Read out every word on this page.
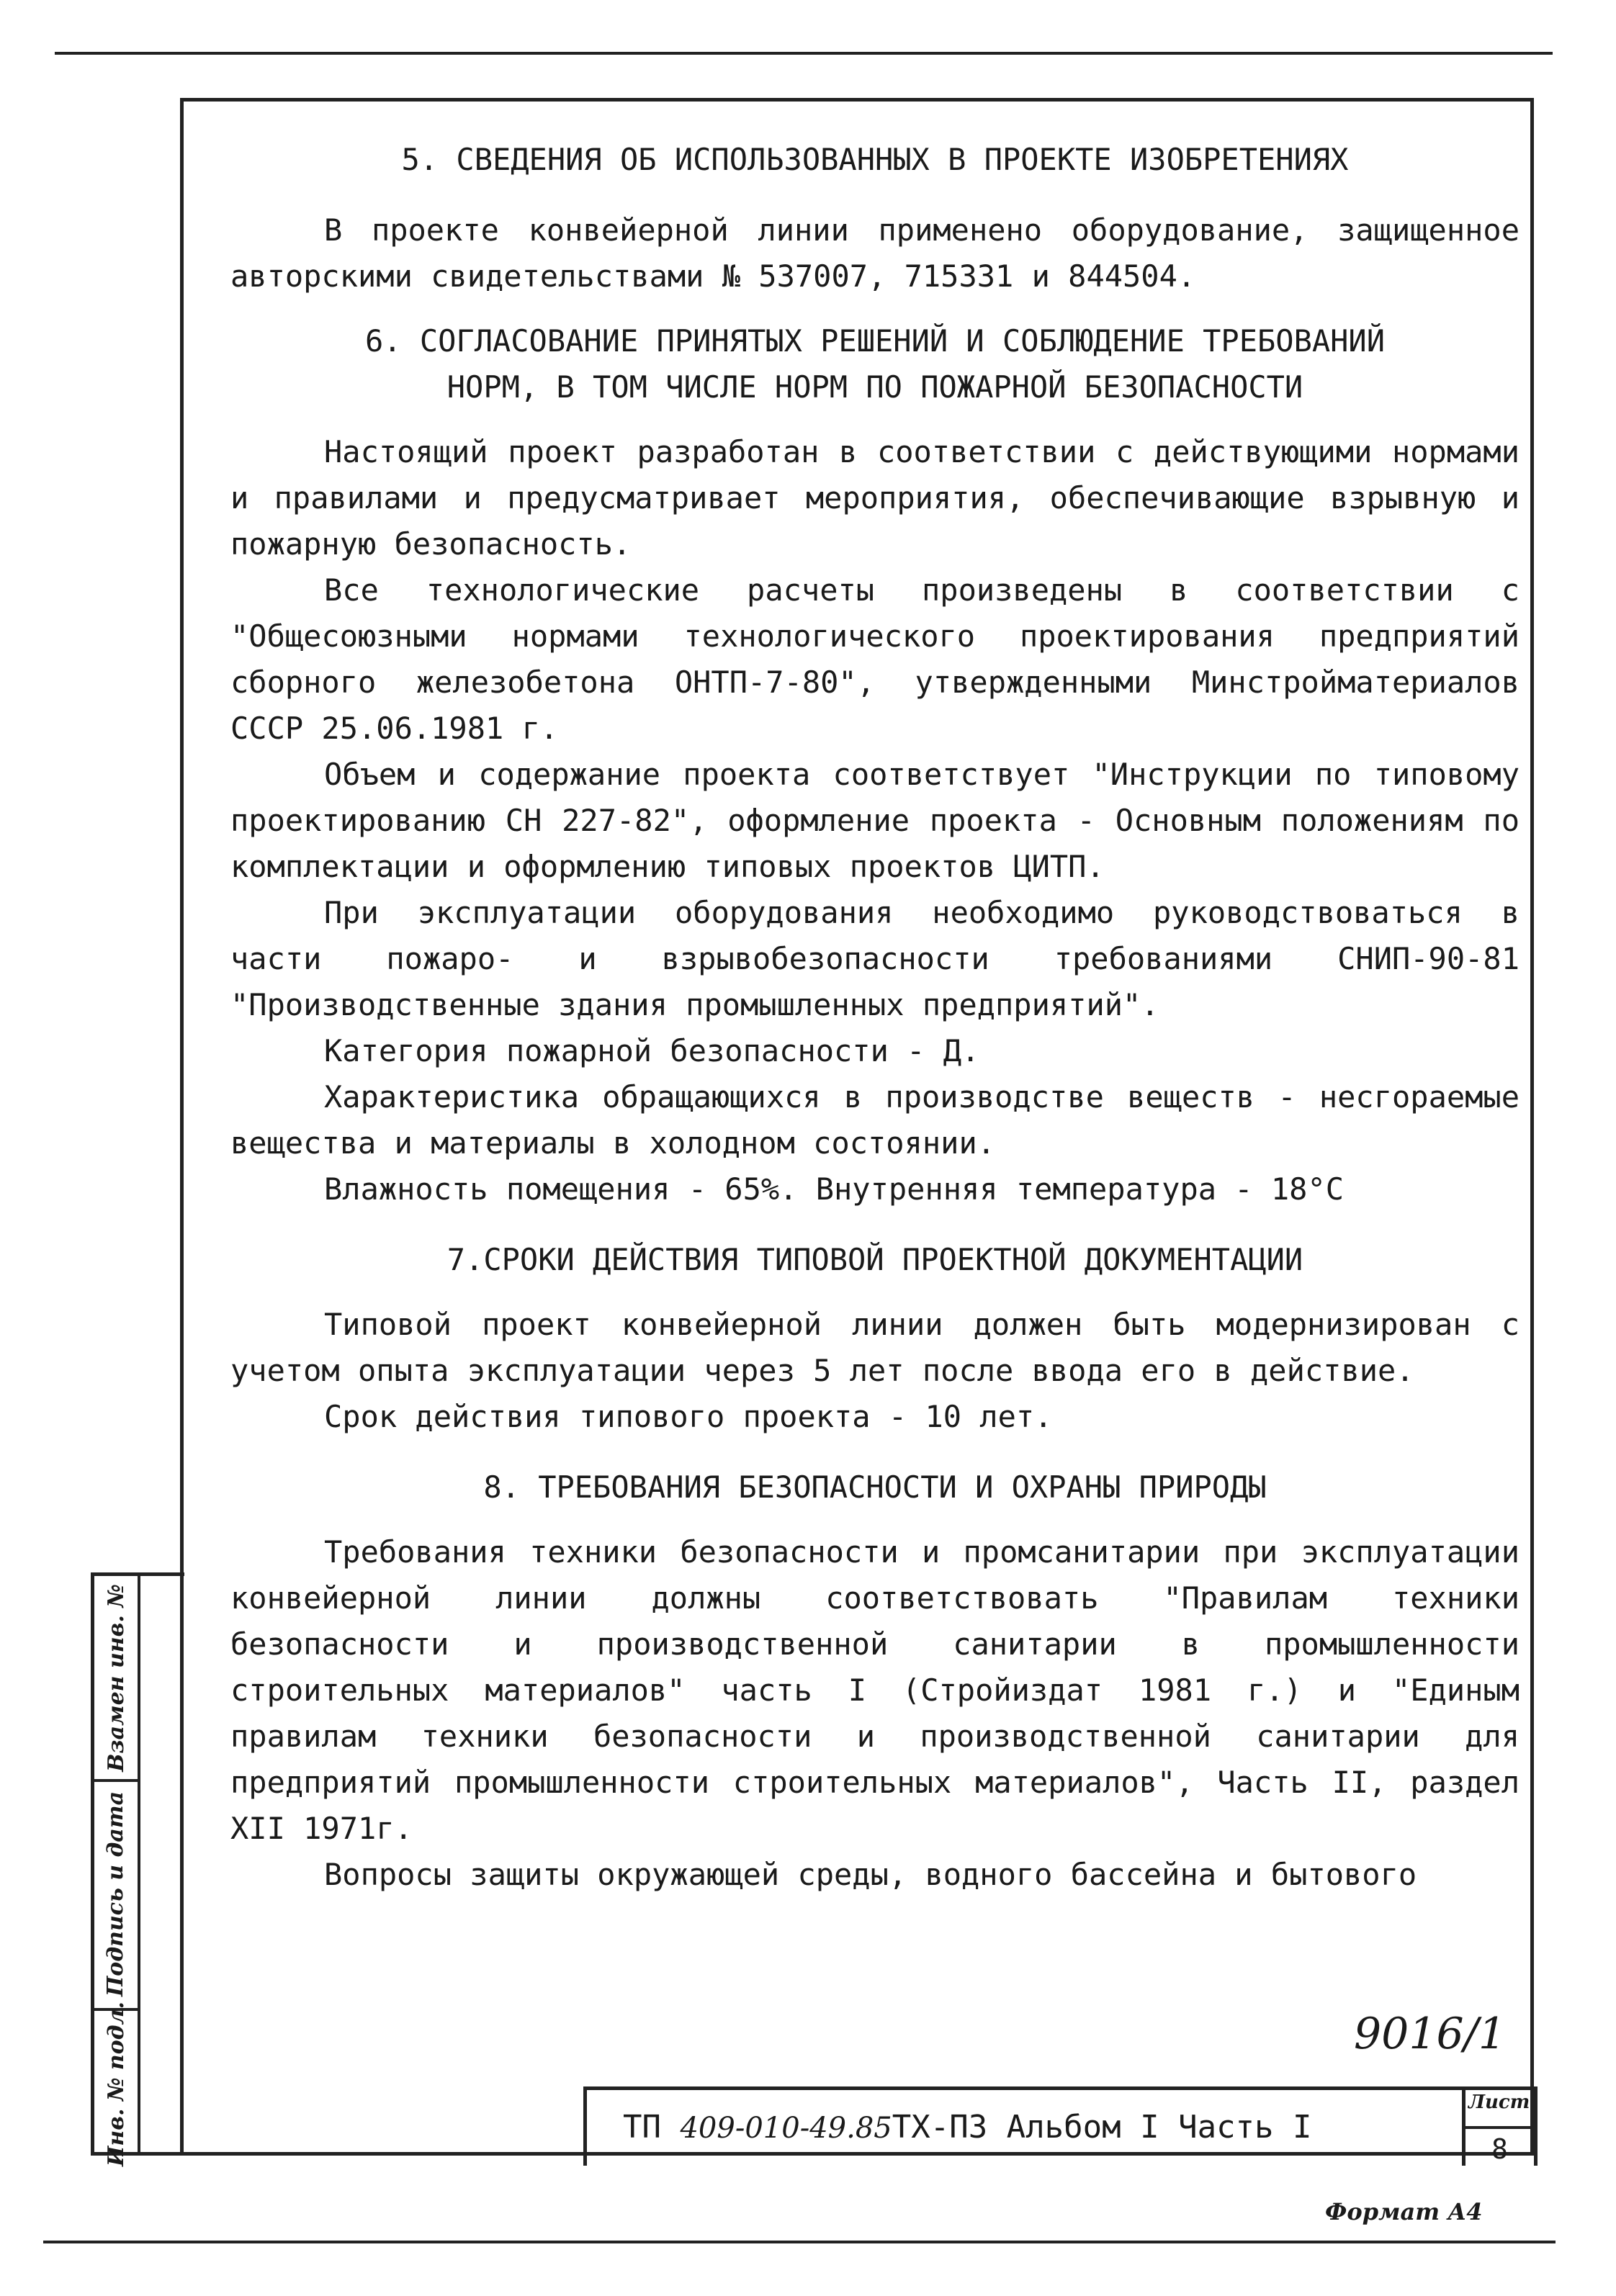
5. СВЕДЕНИЯ ОБ ИСПОЛЬЗОВАННЫХ В ПРОЕКТЕ ИЗОБРЕТЕНИЯХ

В проекте конвейерной линии применено оборудование, защищенное авторскими свидетельствами № 537007, 715331 и 844504.

6. СОГЛАСОВАНИЕ ПРИНЯТЫХ РЕШЕНИЙ И СОБЛЮДЕНИЕ ТРЕБОВАНИЙ

НОРМ, В ТОМ ЧИСЛЕ НОРМ ПО ПОЖАРНОЙ БЕЗОПАСНОСТИ

Настоящий проект разработан в соответствии с действующими нормами и правилами и предусматривает мероприятия, обеспечивающие взрывную и пожарную безопасность.

Все технологические расчеты произведены в соответствии с "Общесоюзными нормами технологического проектирования предприятий сборного железобетона ОНТП-7-80", утвержденными Минстройматериалов СССР 25.06.1981 г.

Объем и содержание проекта соответствует "Инструкции по типовому проектированию СН 227-82", оформление проекта - Основным положениям по комплектации и оформлению типовых проектов ЦИТП.

При эксплуатации оборудования необходимо руководствоваться в части пожаро- и взрывобезопасности требованиями СНИП-90-81 "Производственные здания промышленных предприятий".

Категория пожарной безопасности - Д.

Характеристика обращающихся в производстве веществ - несгораемые вещества и материалы в холодном состоянии.

Влажность помещения - 65%. Внутренняя температура - 18°С

7.СРОКИ ДЕЙСТВИЯ ТИПОВОЙ ПРОЕКТНОЙ ДОКУМЕНТАЦИИ

Типовой проект конвейерной линии должен быть модернизирован с учетом опыта эксплуатации через 5 лет после ввода его в действие.

Срок действия типового проекта - 10 лет.

8. ТРЕБОВАНИЯ БЕЗОПАСНОСТИ И ОХРАНЫ ПРИРОДЫ

Требования техники безопасности и промсанитарии при эксплуатации конвейерной линии должны соответствовать "Правилам техники безопасности и производственной санитарии в промышленности строительных материалов" часть I (Стройиздат 1981 г.) и "Единым правилам техники безопасности и производственной санитарии для предприятий промышленности строительных материалов", Часть II, раздел XII 1971г.

Вопросы защиты окружающей среды, водного бассейна и бытового

Взамен инв. №
Подпись и дата
Инв. № подл.	9016/1
ТП 409-010-49.85ТХ-ПЗ Альбом I Часть I
Лист
8
Формат А4
